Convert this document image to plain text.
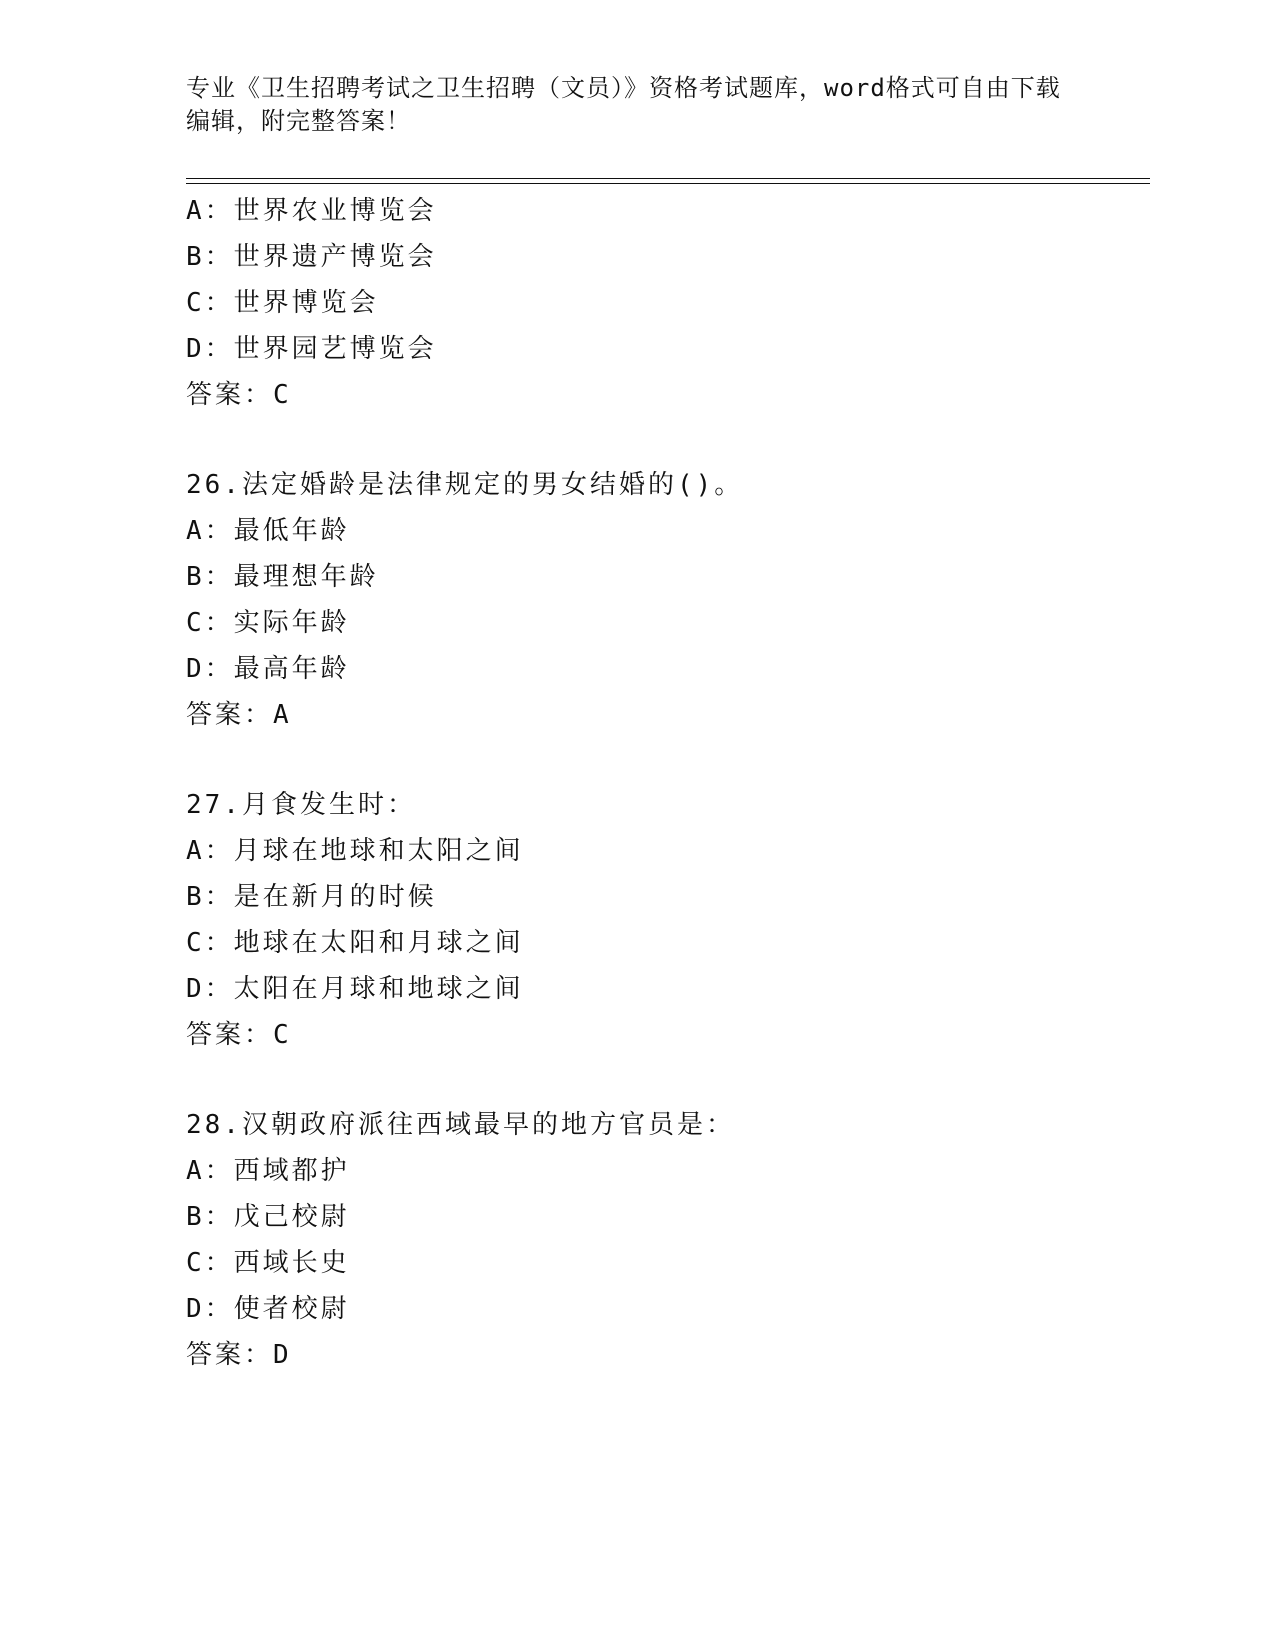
专业《卫生招聘考试之卫生招聘（文员）》资格考试题库，word格式可自由下载
编辑，附完整答案！
A：世界农业博览会
B：世界遗产博览会
C：世界博览会
D：世界园艺博览会
答案：C
26.法定婚龄是法律规定的男女结婚的()。
A：最低年龄
B：最理想年龄
C：实际年龄
D：最高年龄
答案：A
27.月食发生时：
A：月球在地球和太阳之间
B：是在新月的时候
C：地球在太阳和月球之间
D：太阳在月球和地球之间
答案：C
28.汉朝政府派往西域最早的地方官员是：
A：西域都护
B：戊己校尉
C：西域长史
D：使者校尉
答案：D
